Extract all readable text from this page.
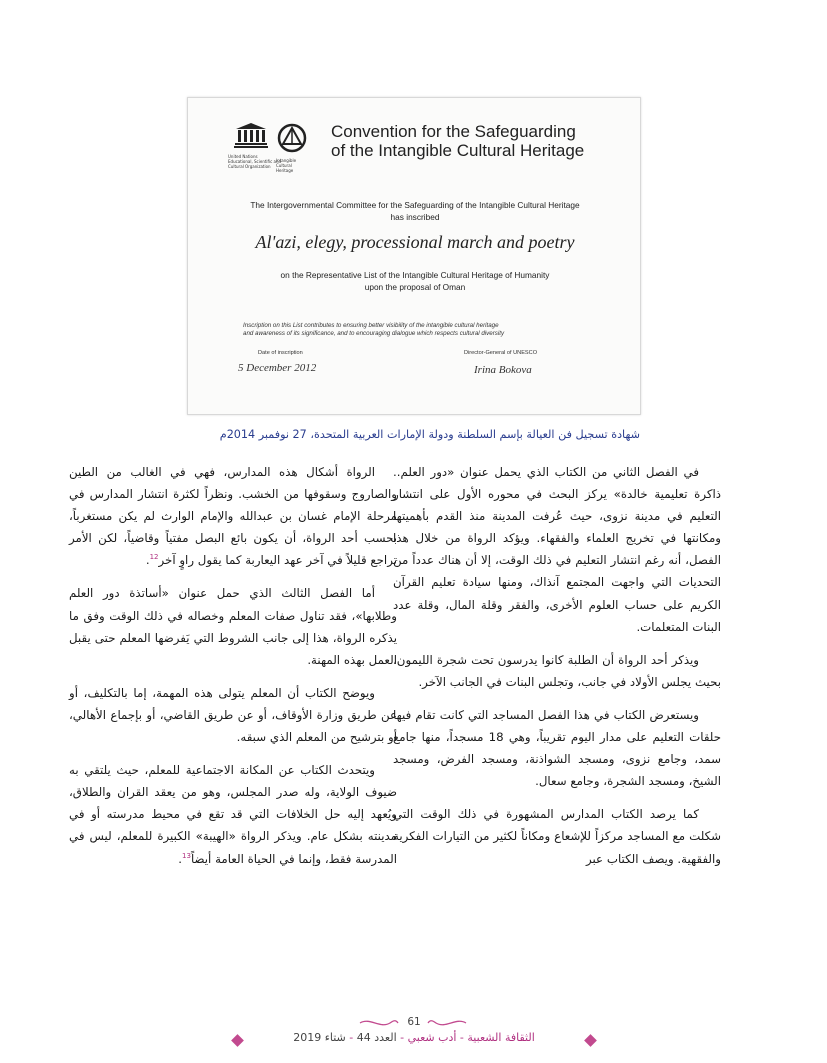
United Nations
Educational, Scientific and
Cultural Organization
Intangible
Cultural
Heritage
Convention for the Safeguarding
of the Intangible Cultural Heritage
The Intergovernmental Committee for the Safeguarding of the Intangible Cultural Heritage
has inscribed
Al'azi, elegy, processional march and poetry
on the Representative List of the Intangible Cultural Heritage of Humanity
upon the proposal of Oman
Inscription on this List contributes to ensuring better visibility of the intangible cultural heritage
and awareness of its significance, and to encouraging dialogue which respects cultural diversity
Date of inscription
5 December 2012
Director-General of UNESCO
Irina Bokova
شهادة تسجيل فن العيالة بإسم السلطنة ودولة الإمارات العربية المتحدة، 27 نوفمبر 2014م

في الفصل الثاني من الكتاب الذي يحمل عنوان «دور العلم.. ذاكرة تعليمية خالدة» يركز البحث في محوره الأول على انتشار التعليم في مدينة نزوى، حيث عُرفت المدينة منذ القدم بأهميتها ومكانتها في تخريج العلماء والفقهاء. ويؤكد الرواة من خلال هذا الفصل، أنه رغم انتشار التعليم في ذلك الوقت، إلا أن هناك عدداً من التحديات التي واجهت المجتمع آنذاك، ومنها سيادة تعليم القرآن الكريم على حساب العلوم الأخرى، والفقر وقلة المال، وقلة عدد البنات المتعلمات.

ويذكر أحد الرواة أن الطلبة كانوا يدرسون تحت شجرة الليمون، بحيث يجلس الأولاد في جانب، وتجلس البنات في الجانب الآخر.

ويستعرض الكتاب في هذا الفصل المساجد التي كانت تقام فيها حلقات التعليم على مدار اليوم تقريباً، وهي 18 مسجداً، منها جامع سمد، وجامع نزوى، ومسجد الشواذنة، ومسجد الفرض، ومسجد الشيخ، ومسجد الشجرة، وجامع سعال.

كما يرصد الكتاب المدارس المشهورة في ذلك الوقت التي شكلت مع المساجد مركزاً للإشعاع ومكاناً لكثير من التيارات الفكرية والفقهية. ويصف الكتاب عبر

الرواة أشكال هذه المدارس، فهي في الغالب من الطين والصاروج وسقوفها من الخشب. ونظراً لكثرة انتشار المدارس في مرحلة الإمام غسان بن عبدالله والإمام الوارث لم يكن مستغرباً، بحسب أحد الرواة، أن يكون بائع البصل مفتياً وقاضياً، لكن الأمر تراجع قليلاً في آخر عهد اليعاربة كما يقول راوٍ آخر$^{12}$.

أما الفصل الثالث الذي حمل عنوان «أساتذة دور العلم وطلابها»، فقد تناول صفات المعلم وخصاله في ذلك الوقت وفق ما يذكره الرواة، هذا إلى جانب الشروط التي يَفرضها المعلم حتى يقبل العمل بهذه المهنة.

ويوضح الكتاب أن المعلم يتولى هذه المهمة، إما بالتكليف، أو عن طريق وزارة الأوقاف، أو عن طريق القاضي، أو بإجماع الأهالي، أو بترشيح من المعلم الذي سبقه.

ويتحدث الكتاب عن المكانة الاجتماعية للمعلم، حيث يلتقي به ضيوف الولاية، وله صدر المجلس، وهو من يعقد القران والطلاق، ويُعهد إليه حل الخلافات التي قد تقع في محيط مدرسته أو في مدينته بشكل عام. ويذكر الرواة «الهيبة» الكبيرة للمعلم، ليس في المدرسة فقط، وإنما في الحياة العامة أيضاً$^{13}$.

61
الثقافة الشعبية - أدب شعبي - العدد 44 - شتاء 2019
